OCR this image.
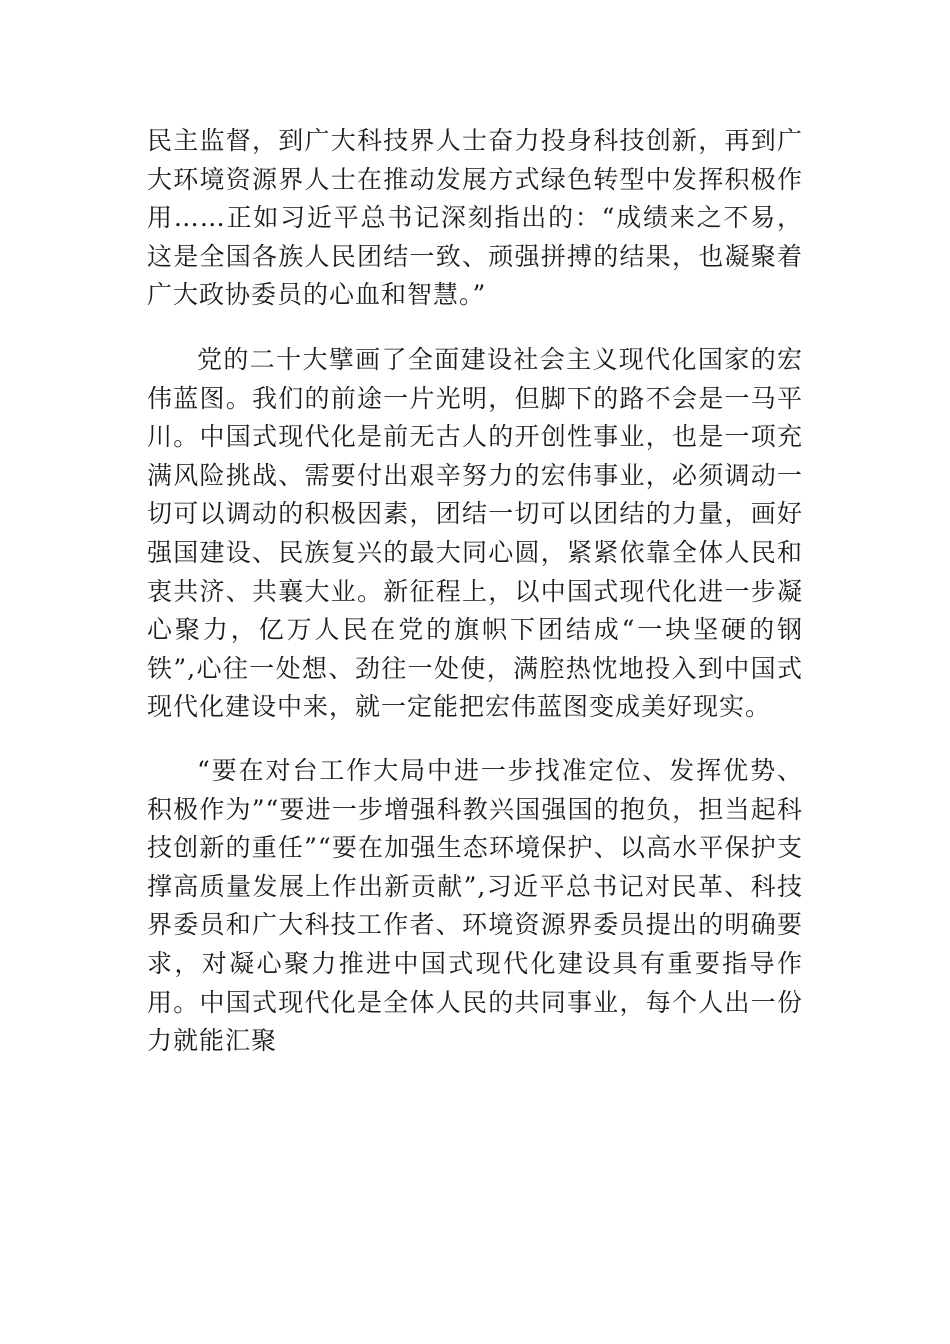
民主监督，到广大科技界人士奋力投身科技创新，再到广大环境资源界人士在推动发展方式绿色转型中发挥积极作用……正如习近平总书记深刻指出的：“成绩来之不易，这是全国各族人民团结一致、顽强拼搏的结果，也凝聚着广大政协委员的心血和智慧。”

党的二十大擘画了全面建设社会主义现代化国家的宏伟蓝图。我们的前途一片光明，但脚下的路不会是一马平川。中国式现代化是前无古人的开创性事业，也是一项充满风险挑战、需要付出艰辛努力的宏伟事业，必须调动一切可以调动的积极因素，团结一切可以团结的力量，画好强国建设、民族复兴的最大同心圆，紧紧依靠全体人民和衷共济、共襄大业。新征程上，以中国式现代化进一步凝心聚力，亿万人民在党的旗帜下团结成“一块坚硬的钢铁”,心往一处想、劲往一处使，满腔热忱地投入到中国式现代化建设中来，就一定能把宏伟蓝图变成美好现实。

“要在对台工作大局中进一步找准定位、发挥优势、积极作为”“要进一步增强科教兴国强国的抱负，担当起科技创新的重任”“要在加强生态环境保护、以高水平保护支撑高质量发展上作出新贡献”,习近平总书记对民革、科技界委员和广大科技工作者、环境资源界委员提出的明确要求，对凝心聚力推进中国式现代化建设具有重要指导作用。中国式现代化是全体人民的共同事业，每个人出一份力就能汇聚
